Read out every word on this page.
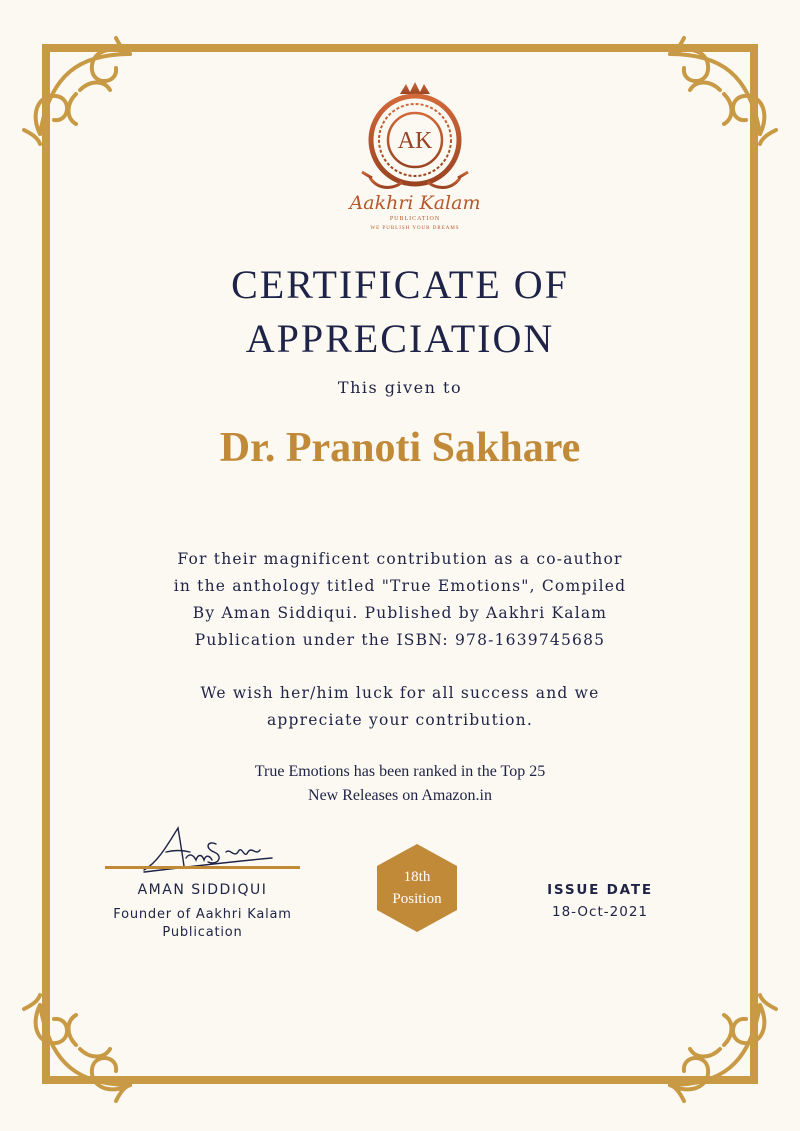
AK
Aakhri Kalam
PUBLICATION
WE PUBLISH YOUR DREAMS
CERTIFICATE OF
APPRECIATION
This given to
Dr. Pranoti Sakhare
For their magnificent contribution as a co-author
in the anthology titled "True Emotions", Compiled
By Aman Siddiqui. Published by Aakhri Kalam
Publication under the ISBN: 978-1639745685
We wish her/him luck for all success and we
appreciate your contribution.
True Emotions has been ranked in the Top 25
New Releases on Amazon.in
AMAN SIDDIQUI
Founder of Aakhri Kalam
Publication
18th
Position
ISSUE DATE
18-Oct-2021
